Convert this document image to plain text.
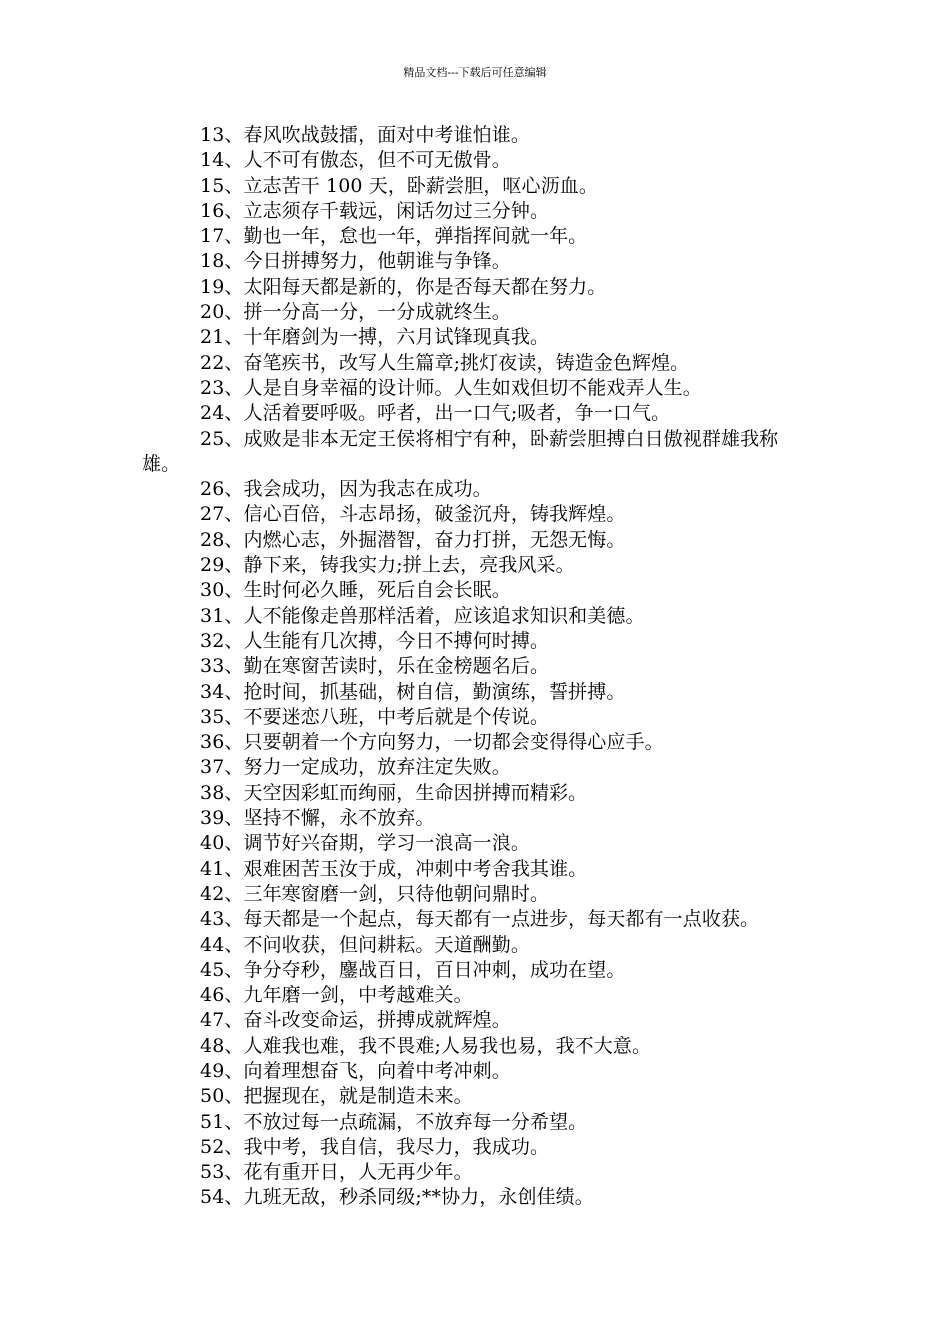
精品文档---下载后可任意编辑

13、春风吹战鼓擂，面对中考谁怕谁。

14、人不可有傲态，但不可无傲骨。

15、立志苦干 100 天，卧薪尝胆，呕心沥血。

16、立志须存千载远，闲话勿过三分钟。

17、勤也一年，怠也一年，弹指挥间就一年。

18、今日拼搏努力，他朝谁与争锋。

19、太阳每天都是新的，你是否每天都在努力。

20、拼一分高一分，一分成就终生。

21、十年磨剑为一搏，六月试锋现真我。

22、奋笔疾书，改写人生篇章;挑灯夜读，铸造金色辉煌。

23、人是自身幸福的设计师。人生如戏但切不能戏弄人生。

24、人活着要呼吸。呼者，出一口气;吸者，争一口气。

25、成败是非本无定王侯将相宁有种，卧薪尝胆搏白日傲视群雄我称雄。

26、我会成功，因为我志在成功。

27、信心百倍，斗志昂扬，破釜沉舟，铸我辉煌。

28、内燃心志，外掘潜智，奋力打拼，无怨无悔。

29、静下来，铸我实力;拼上去，亮我风采。

30、生时何必久睡，死后自会长眠。

31、人不能像走兽那样活着，应该追求知识和美德。

32、人生能有几次搏，今日不搏何时搏。

33、勤在寒窗苦读时，乐在金榜题名后。

34、抢时间，抓基础，树自信，勤演练，誓拼搏。

35、不要迷恋八班，中考后就是个传说。

36、只要朝着一个方向努力，一切都会变得得心应手。

37、努力一定成功，放弃注定失败。

38、天空因彩虹而绚丽，生命因拼搏而精彩。

39、坚持不懈，永不放弃。

40、调节好兴奋期，学习一浪高一浪。

41、艰难困苦玉汝于成，冲刺中考舍我其谁。

42、三年寒窗磨一剑，只待他朝问鼎时。

43、每天都是一个起点，每天都有一点进步，每天都有一点收获。

44、不问收获，但问耕耘。天道酬勤。

45、争分夺秒，鏖战百日，百日冲刺，成功在望。

46、九年磨一剑，中考越难关。

47、奋斗改变命运，拼搏成就辉煌。

48、人难我也难，我不畏难;人易我也易，我不大意。

49、向着理想奋飞，向着中考冲刺。

50、把握现在，就是制造未来。

51、不放过每一点疏漏，不放弃每一分希望。

52、我中考，我自信，我尽力，我成功。

53、花有重开日，人无再少年。

54、九班无敌，秒杀同级;**协力，永创佳绩。
